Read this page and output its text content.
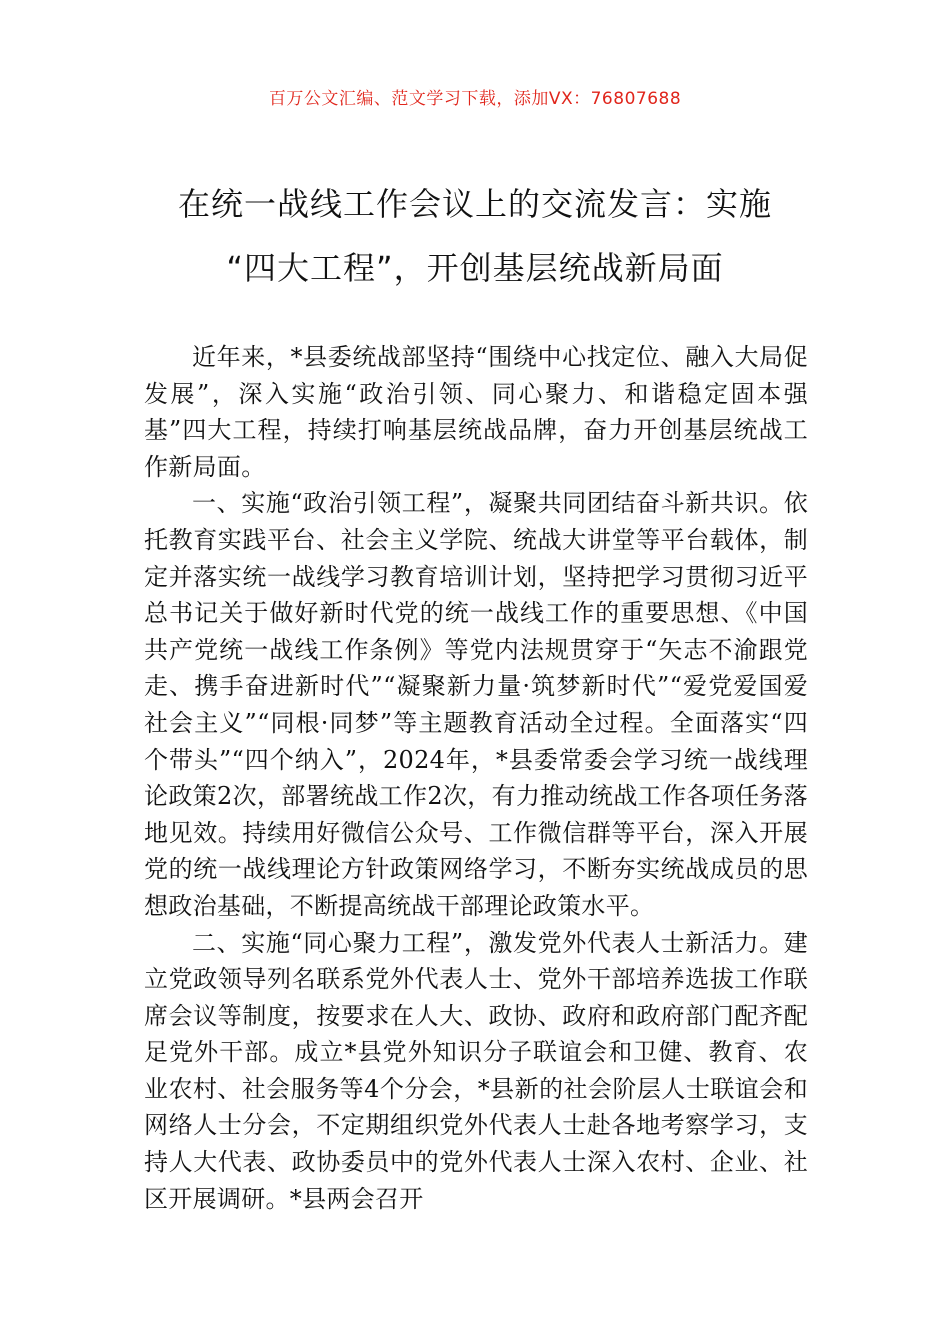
百万公文汇编、范文学习下载，添加VX：76807688
在统一战线工作会议上的交流发言：实施
“四大工程”，开创基层统战新局面

近年来，*县委统战部坚持“围绕中心找定位、融入大局促发展”，深入实施“政治引领、同心聚力、和谐稳定固本强基”四大工程，持续打响基层统战品牌，奋力开创基层统战工作新局面。

一、实施“政治引领工程”，凝聚共同团结奋斗新共识。依托教育实践平台、社会主义学院、统战大讲堂等平台载体，制定并落实统一战线学习教育培训计划，坚持把学习贯彻习近平总书记关于做好新时代党的统一战线工作的重要思想、《中国共产党统一战线工作条例》等党内法规贯穿于“矢志不渝跟党走、携手奋进新时代”“凝聚新力量·筑梦新时代”“爱党爱国爱社会主义”“同根·同梦”等主题教育活动全过程。全面落实“四个带头”“四个纳入”，2024年，*县委常委会学习统一战线理论政策2次，部署统战工作2次，有力推动统战工作各项任务落地见效。持续用好微信公众号、工作微信群等平台，深入开展党的统一战线理论方针政策网络学习，不断夯实统战成员的思想政治基础，不断提高统战干部理论政策水平。

二、实施“同心聚力工程”，激发党外代表人士新活力。建立党政领导列名联系党外代表人士、党外干部培养选拔工作联席会议等制度，按要求在人大、政协、政府和政府部门配齐配足党外干部。成立*县党外知识分子联谊会和卫健、教育、农业农村、社会服务等4个分会，*县新的社会阶层人士联谊会和网络人士分会，不定期组织党外代表人士赴各地考察学习，支持人大代表、政协委员中的党外代表人士深入农村、企业、社区开展调研。*县两会召开
